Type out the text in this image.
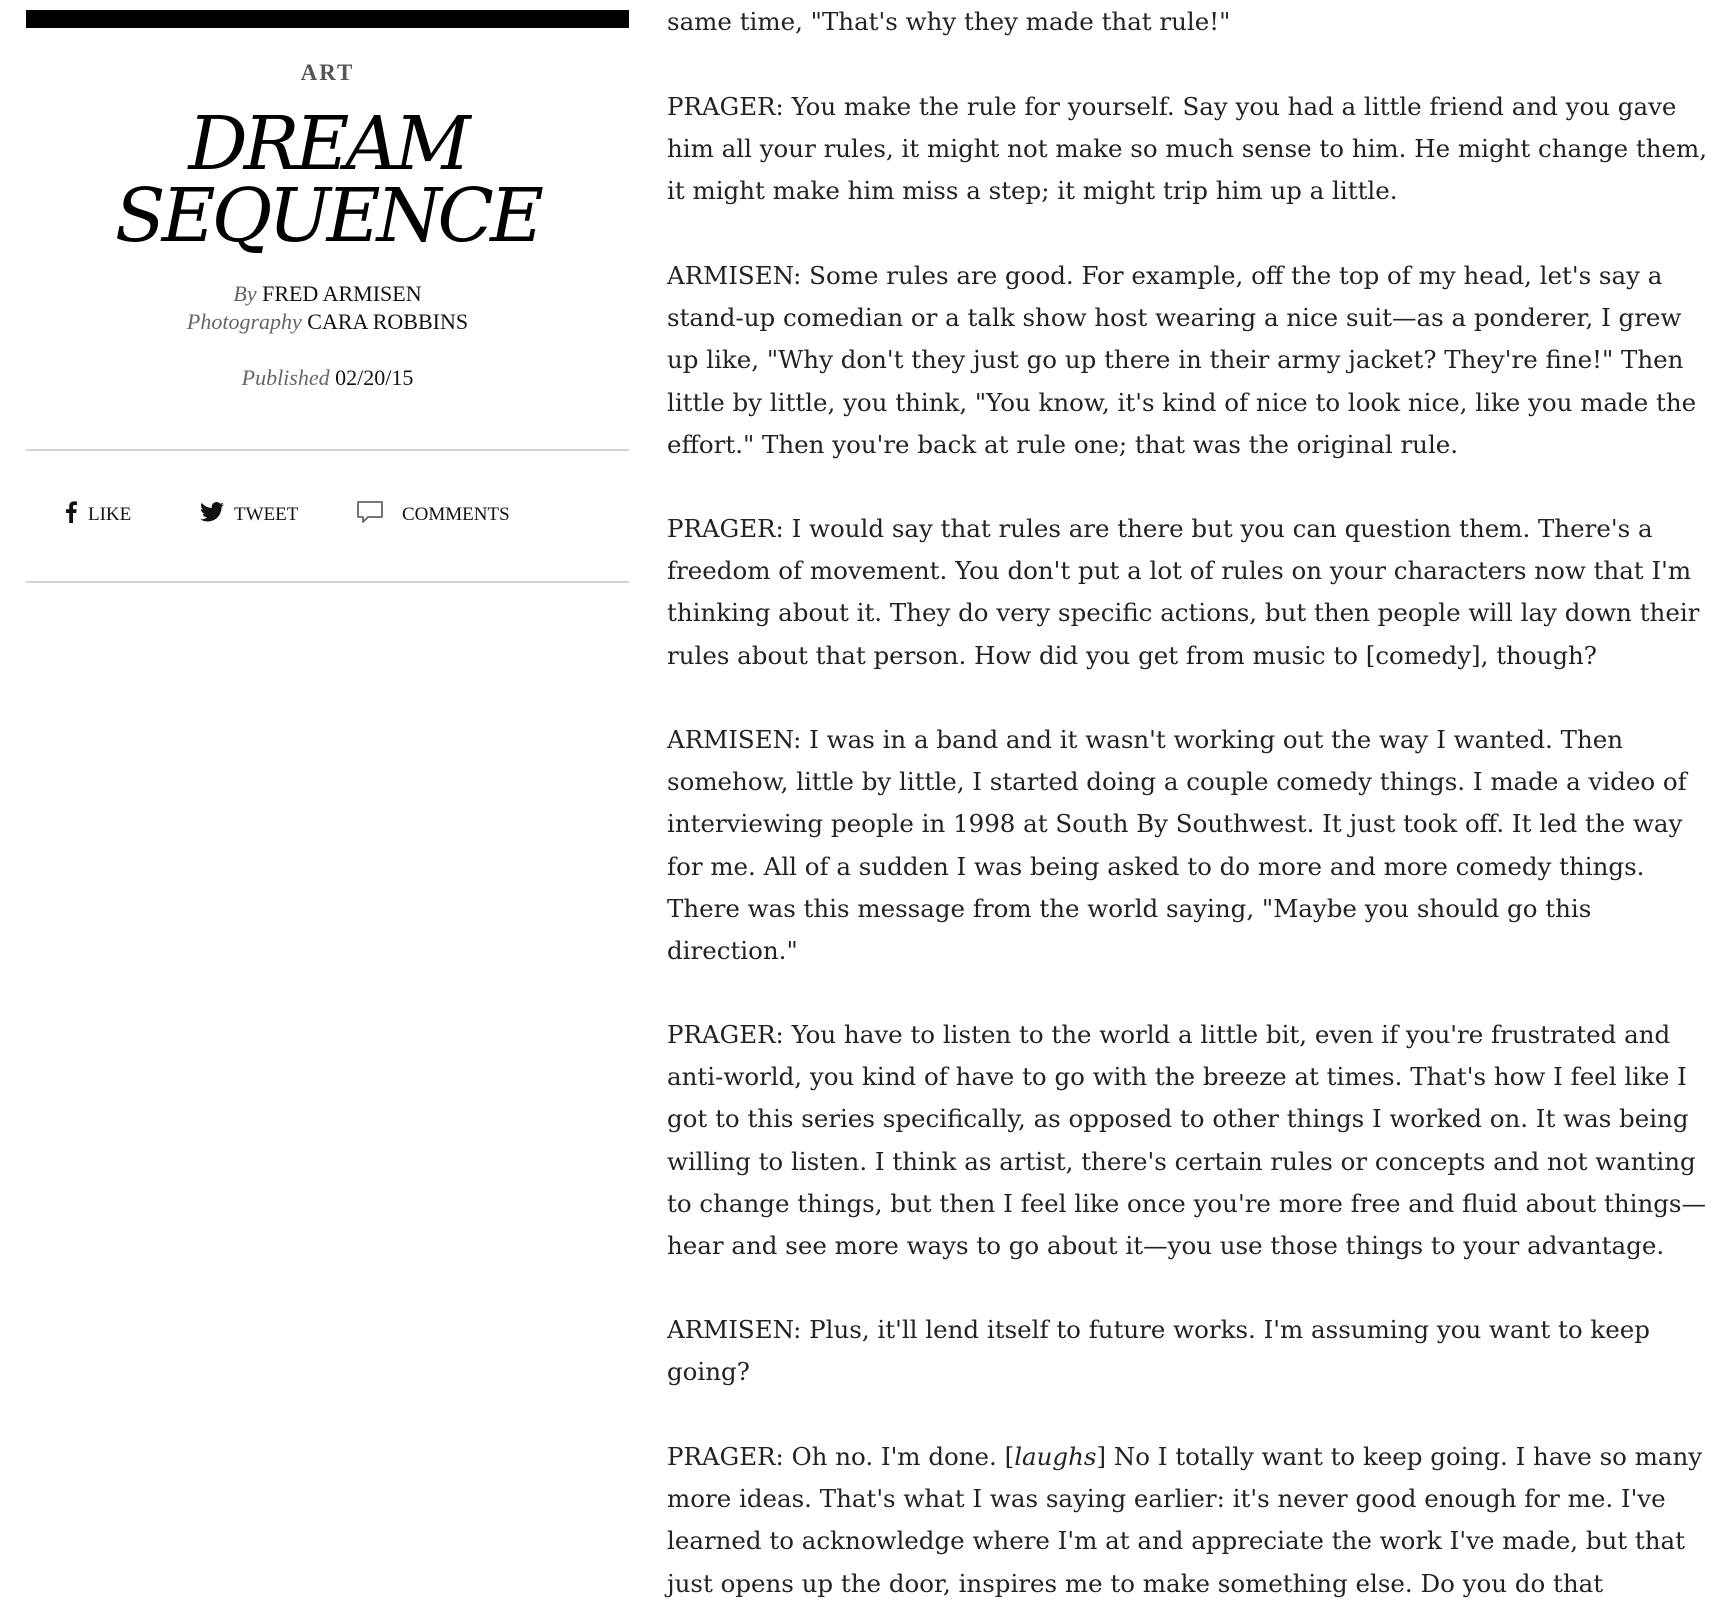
ART
DREAM
SEQUENCE
By FRED ARMISEN
Photography CARA ROBBINS
Published 02/20/15
LIKE	TWEET	COMMENTS

same time, "That's why they made that rule!"

PRAGER: You make the rule for yourself. Say you had a little friend and you gave him all your rules, it might not make so much sense to him. He might change them, it might make him miss a step; it might trip him up a little.

ARMISEN: Some rules are good. For example, off the top of my head, let's say a stand-up comedian or a talk show host wearing a nice suit—as a ponderer, I grew up like, "Why don't they just go up there in their army jacket? They're fine!" Then little by little, you think, "You know, it's kind of nice to look nice, like you made the effort." Then you're back at rule one; that was the original rule.

PRAGER: I would say that rules are there but you can question them. There's a freedom of movement. You don't put a lot of rules on your characters now that I'm thinking about it. They do very specific actions, but then people will lay down their rules about that person. How did you get from music to [comedy], though?

ARMISEN: I was in a band and it wasn't working out the way I wanted. Then somehow, little by little, I started doing a couple comedy things. I made a video of interviewing people in 1998 at South By Southwest. It just took off. It led the way for me. All of a sudden I was being asked to do more and more comedy things. There was this message from the world saying, "Maybe you should go this direction."

PRAGER: You have to listen to the world a little bit, even if you're frustrated and anti-world, you kind of have to go with the breeze at times. That's how I feel like I got to this series specifically, as opposed to other things I worked on. It was being willing to listen. I think as artist, there's certain rules or concepts and not wanting to change things, but then I feel like once you're more free and fluid about things—hear and see more ways to go about it—you use those things to your advantage.

ARMISEN: Plus, it'll lend itself to future works. I'm assuming you want to keep going?

PRAGER: Oh no. I'm done. [laughs] No I totally want to keep going. I have so many more ideas. That's what I was saying earlier: it's never good enough for me. I've learned to acknowledge where I'm at and appreciate the work I've made, but that just opens up the door, inspires me to make something else. Do you do that
